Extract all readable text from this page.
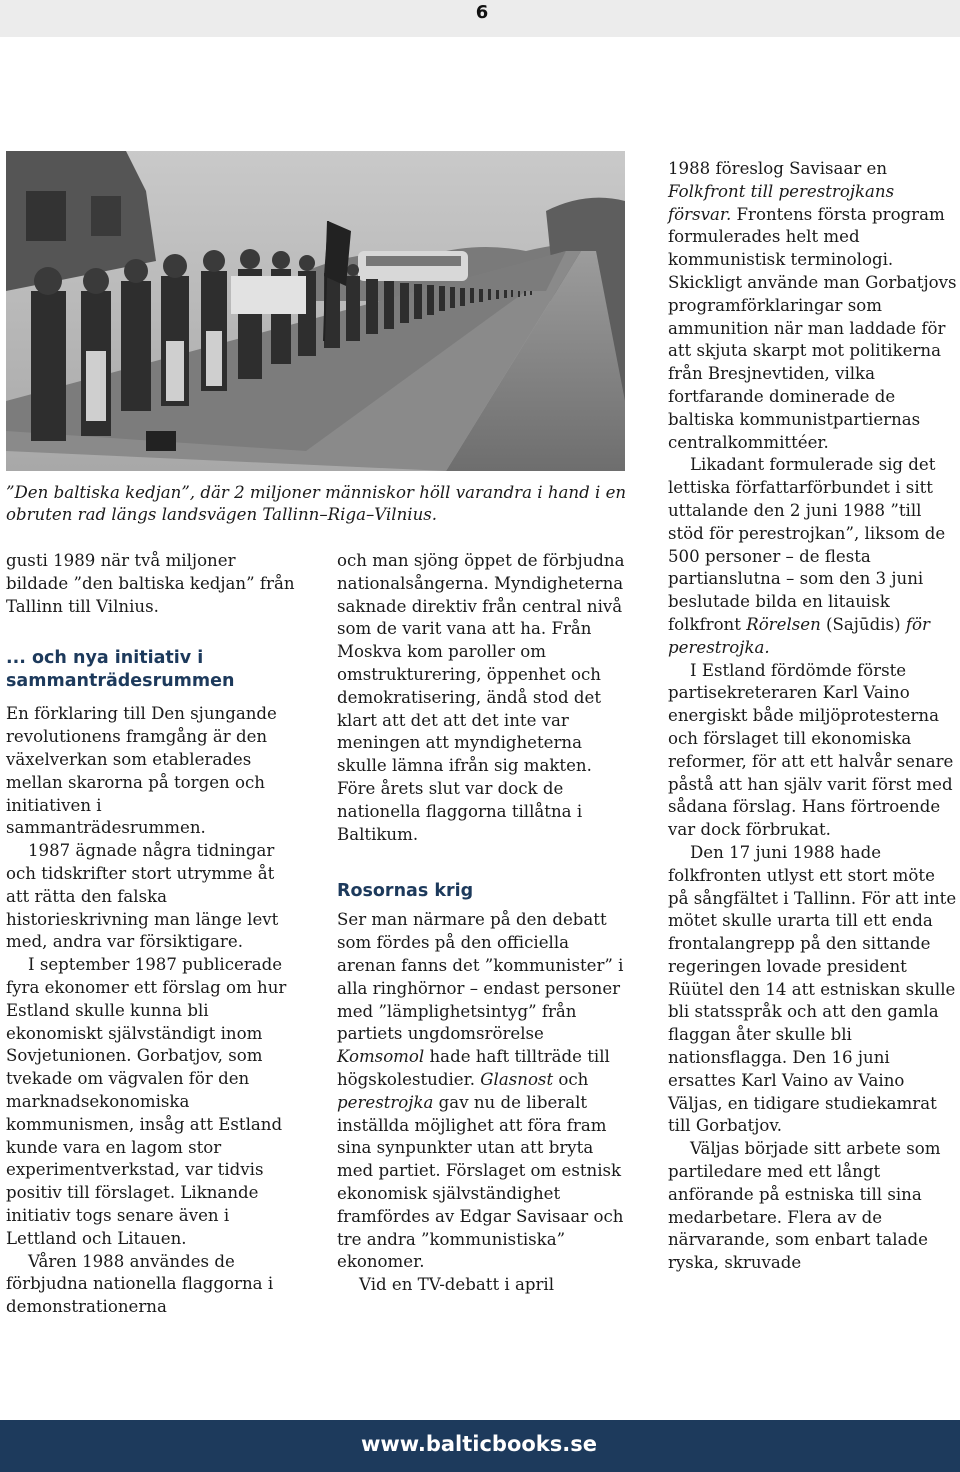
6
”Den baltiska kedjan”, där 2 miljoner människor höll varandra i hand i en obruten rad längs landsvägen Tallinn–Riga–Vilnius.

gusti 1989 när två miljoner bildade ”den baltiska kedjan” från Tallinn till Vilnius.

... och nya initiativ i sammanträdesrummen

En förklaring till Den sjungande revolutionens framgång är den växelverkan som etablerades mellan skarorna på torgen och initiativen i sammanträdesrummen.

1987 ägnade några tidningar och tidskrifter stort utrymme åt att rätta den falska historieskrivning man länge levt med, andra var försiktigare.

I september 1987 publicerade fyra ekonomer ett förslag om hur Estland skulle kunna bli ekonomiskt självständigt inom Sovjetunionen. Gorbatjov, som tvekade om vägvalen för den marknadsekonomiska kommunismen, insåg att Estland kunde vara en lagom stor experimentverkstad, var tidvis positiv till förslaget. Liknande initiativ togs senare även i Lettland och Litauen.

Våren 1988 användes de förbjudna nationella flaggorna i demonstrationerna

och man sjöng öppet de förbjudna nationalsångerna. Myndigheterna saknade direktiv från central nivå som de varit vana att ha. Från Moskva kom paroller om omstrukturering, öppenhet och demokratisering, ändå stod det klart att det att det inte var meningen att myndigheterna skulle lämna ifrån sig makten. Före årets slut var dock de nationella flaggorna tillåtna i Baltikum.

Rosornas krig

Ser man närmare på den debatt som fördes på den officiella arenan fanns det ”kommunister” i alla ringhörnor – endast personer med ”lämplighetsintyg” från partiets ungdomsrörelse Komsomol hade haft tillträde till högskolestudier. Glasnost och perestrojka gav nu de liberalt inställda möjlighet att föra fram sina synpunkter utan att bryta med partiet. Förslaget om estnisk ekonomisk självständighet framfördes av Edgar Savisaar och tre andra ”kommunistiska” ekonomer.

Vid en TV-debatt i april

1988 föreslog Savisaar en Folkfront till perestrojkans försvar. Frontens första program formulerades helt med kommunistisk terminologi. Skickligt använde man Gorbatjovs programförklaringar som ammunition när man laddade för att skjuta skarpt mot politikerna från Bresjnevtiden, vilka fortfarande dominerade de baltiska kommunistpartiernas centralkommittéer.

Likadant formulerade sig det lettiska författarförbundet i sitt uttalande den 2 juni 1988 ”till stöd för perestrojkan”, liksom de 500 personer – de flesta partianslutna – som den 3 juni beslutade bilda en litauisk folkfront Rörelsen (Sajūdis) för perestrojka.

I Estland fördömde förste partisekreteraren Karl Vaino energiskt både miljöprotesterna och förslaget till ekonomiska reformer, för att ett halvår senare påstå att han själv varit först med sådana förslag. Hans förtroende var dock förbrukat.

Den 17 juni 1988 hade folkfronten utlyst ett stort möte på sångfältet i Tallinn. För att inte mötet skulle urarta till ett enda frontalangrepp på den sittande regeringen lovade president Rüütel den 14 att estniskan skulle bli statsspråk och att den gamla flaggan åter skulle bli nationsflagga. Den 16 juni ersattes Karl Vaino av Vaino Väljas, en tidigare studiekamrat till Gorbatjov.

Väljas började sitt arbete som partiledare med ett långt anförande på estniska till sina medarbetare. Flera av de närvarande, som enbart talade ryska, skruvade

www.balticbooks.se
